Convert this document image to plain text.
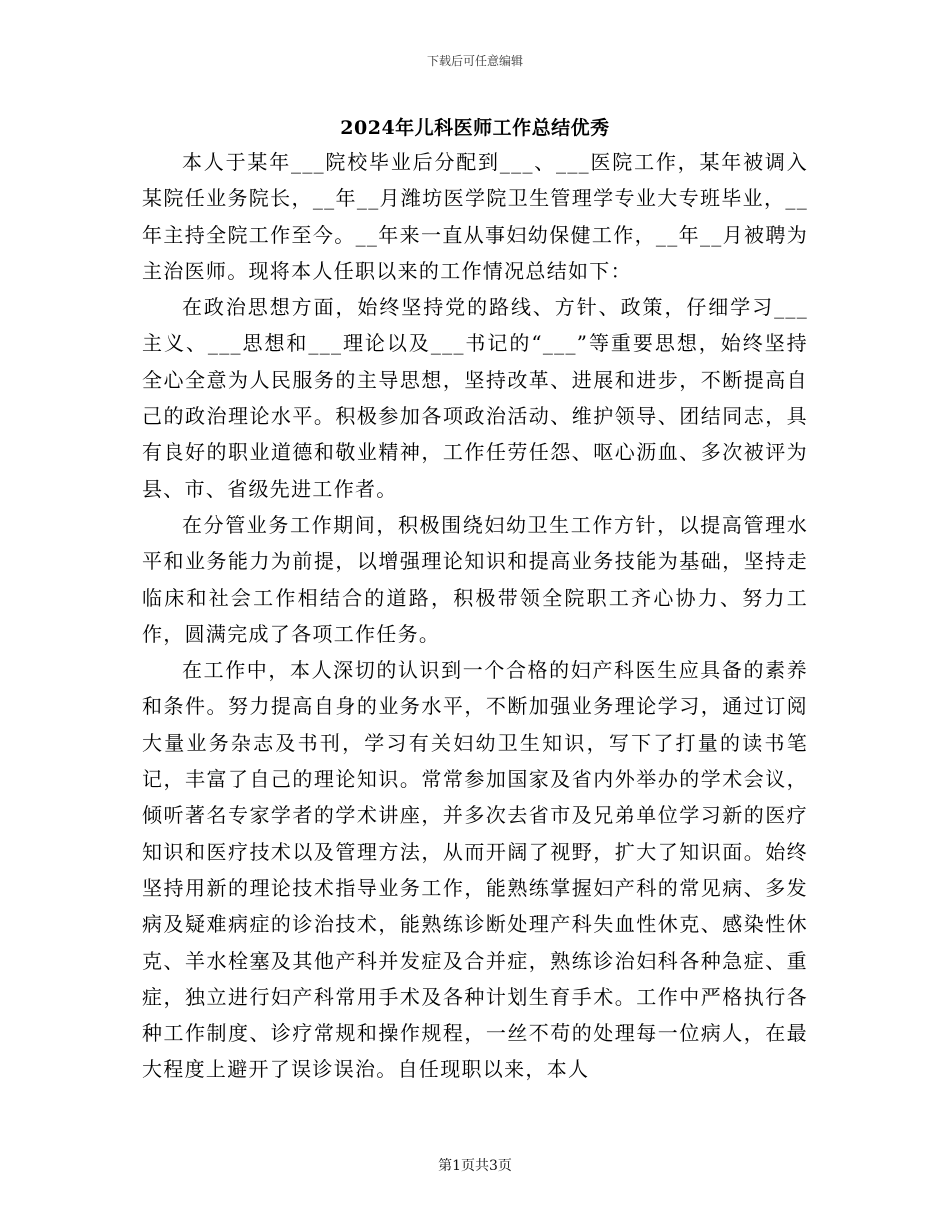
下载后可任意编辑
2024年儿科医师工作总结优秀

本人于某年___院校毕业后分配到___、___医院工作，某年被调入某院任业务院长，__年__月潍坊医学院卫生管理学专业大专班毕业，__年主持全院工作至今。__年来一直从事妇幼保健工作，__年__月被聘为主治医师。现将本人任职以来的工作情况总结如下：

在政治思想方面，始终坚持党的路线、方针、政策，仔细学习___主义、___思想和___理论以及___书记的“___”等重要思想，始终坚持全心全意为人民服务的主导思想，坚持改革、进展和进步，不断提高自己的政治理论水平。积极参加各项政治活动、维护领导、团结同志，具有良好的职业道德和敬业精神，工作任劳任怨、呕心沥血、多次被评为县、市、省级先进工作者。

在分管业务工作期间，积极围绕妇幼卫生工作方针，以提高管理水平和业务能力为前提，以增强理论知识和提高业务技能为基础，坚持走临床和社会工作相结合的道路，积极带领全院职工齐心协力、努力工作，圆满完成了各项工作任务。

在工作中，本人深切的认识到一个合格的妇产科医生应具备的素养和条件。努力提高自身的业务水平，不断加强业务理论学习，通过订阅大量业务杂志及书刊，学习有关妇幼卫生知识，写下了打量的读书笔记，丰富了自己的理论知识。常常参加国家及省内外举办的学术会议，倾听著名专家学者的学术讲座，并多次去省市及兄弟单位学习新的医疗知识和医疗技术以及管理方法，从而开阔了视野，扩大了知识面。始终坚持用新的理论技术指导业务工作，能熟练掌握妇产科的常见病、多发病及疑难病症的诊治技术，能熟练诊断处理产科失血性休克、感染性休克、羊水栓塞及其他产科并发症及合并症，熟练诊治妇科各种急症、重症，独立进行妇产科常用手术及各种计划生育手术。工作中严格执行各种工作制度、诊疗常规和操作规程，一丝不苟的处理每一位病人，在最大程度上避开了误诊误治。自任现职以来，本人

第1页共3页
